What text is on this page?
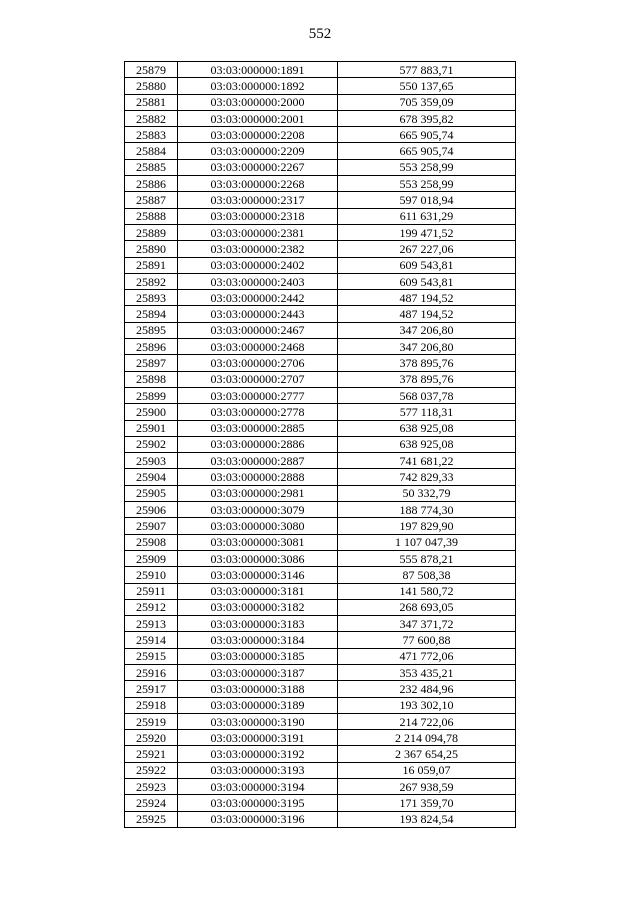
552
25879	03:03:000000:1891	577 883,71
25880	03:03:000000:1892	550 137,65
25881	03:03:000000:2000	705 359,09
25882	03:03:000000:2001	678 395,82
25883	03:03:000000:2208	665 905,74
25884	03:03:000000:2209	665 905,74
25885	03:03:000000:2267	553 258,99
25886	03:03:000000:2268	553 258,99
25887	03:03:000000:2317	597 018,94
25888	03:03:000000:2318	611 631,29
25889	03:03:000000:2381	199 471,52
25890	03:03:000000:2382	267 227,06
25891	03:03:000000:2402	609 543,81
25892	03:03:000000:2403	609 543,81
25893	03:03:000000:2442	487 194,52
25894	03:03:000000:2443	487 194,52
25895	03:03:000000:2467	347 206,80
25896	03:03:000000:2468	347 206,80
25897	03:03:000000:2706	378 895,76
25898	03:03:000000:2707	378 895,76
25899	03:03:000000:2777	568 037,78
25900	03:03:000000:2778	577 118,31
25901	03:03:000000:2885	638 925,08
25902	03:03:000000:2886	638 925,08
25903	03:03:000000:2887	741 681,22
25904	03:03:000000:2888	742 829,33
25905	03:03:000000:2981	50 332,79
25906	03:03:000000:3079	188 774,30
25907	03:03:000000:3080	197 829,90
25908	03:03:000000:3081	1 107 047,39
25909	03:03:000000:3086	555 878,21
25910	03:03:000000:3146	87 508,38
25911	03:03:000000:3181	141 580,72
25912	03:03:000000:3182	268 693,05
25913	03:03:000000:3183	347 371,72
25914	03:03:000000:3184	77 600,88
25915	03:03:000000:3185	471 772,06
25916	03:03:000000:3187	353 435,21
25917	03:03:000000:3188	232 484,96
25918	03:03:000000:3189	193 302,10
25919	03:03:000000:3190	214 722,06
25920	03:03:000000:3191	2 214 094,78
25921	03:03:000000:3192	2 367 654,25
25922	03:03:000000:3193	16 059,07
25923	03:03:000000:3194	267 938,59
25924	03:03:000000:3195	171 359,70
25925	03:03:000000:3196	193 824,54
